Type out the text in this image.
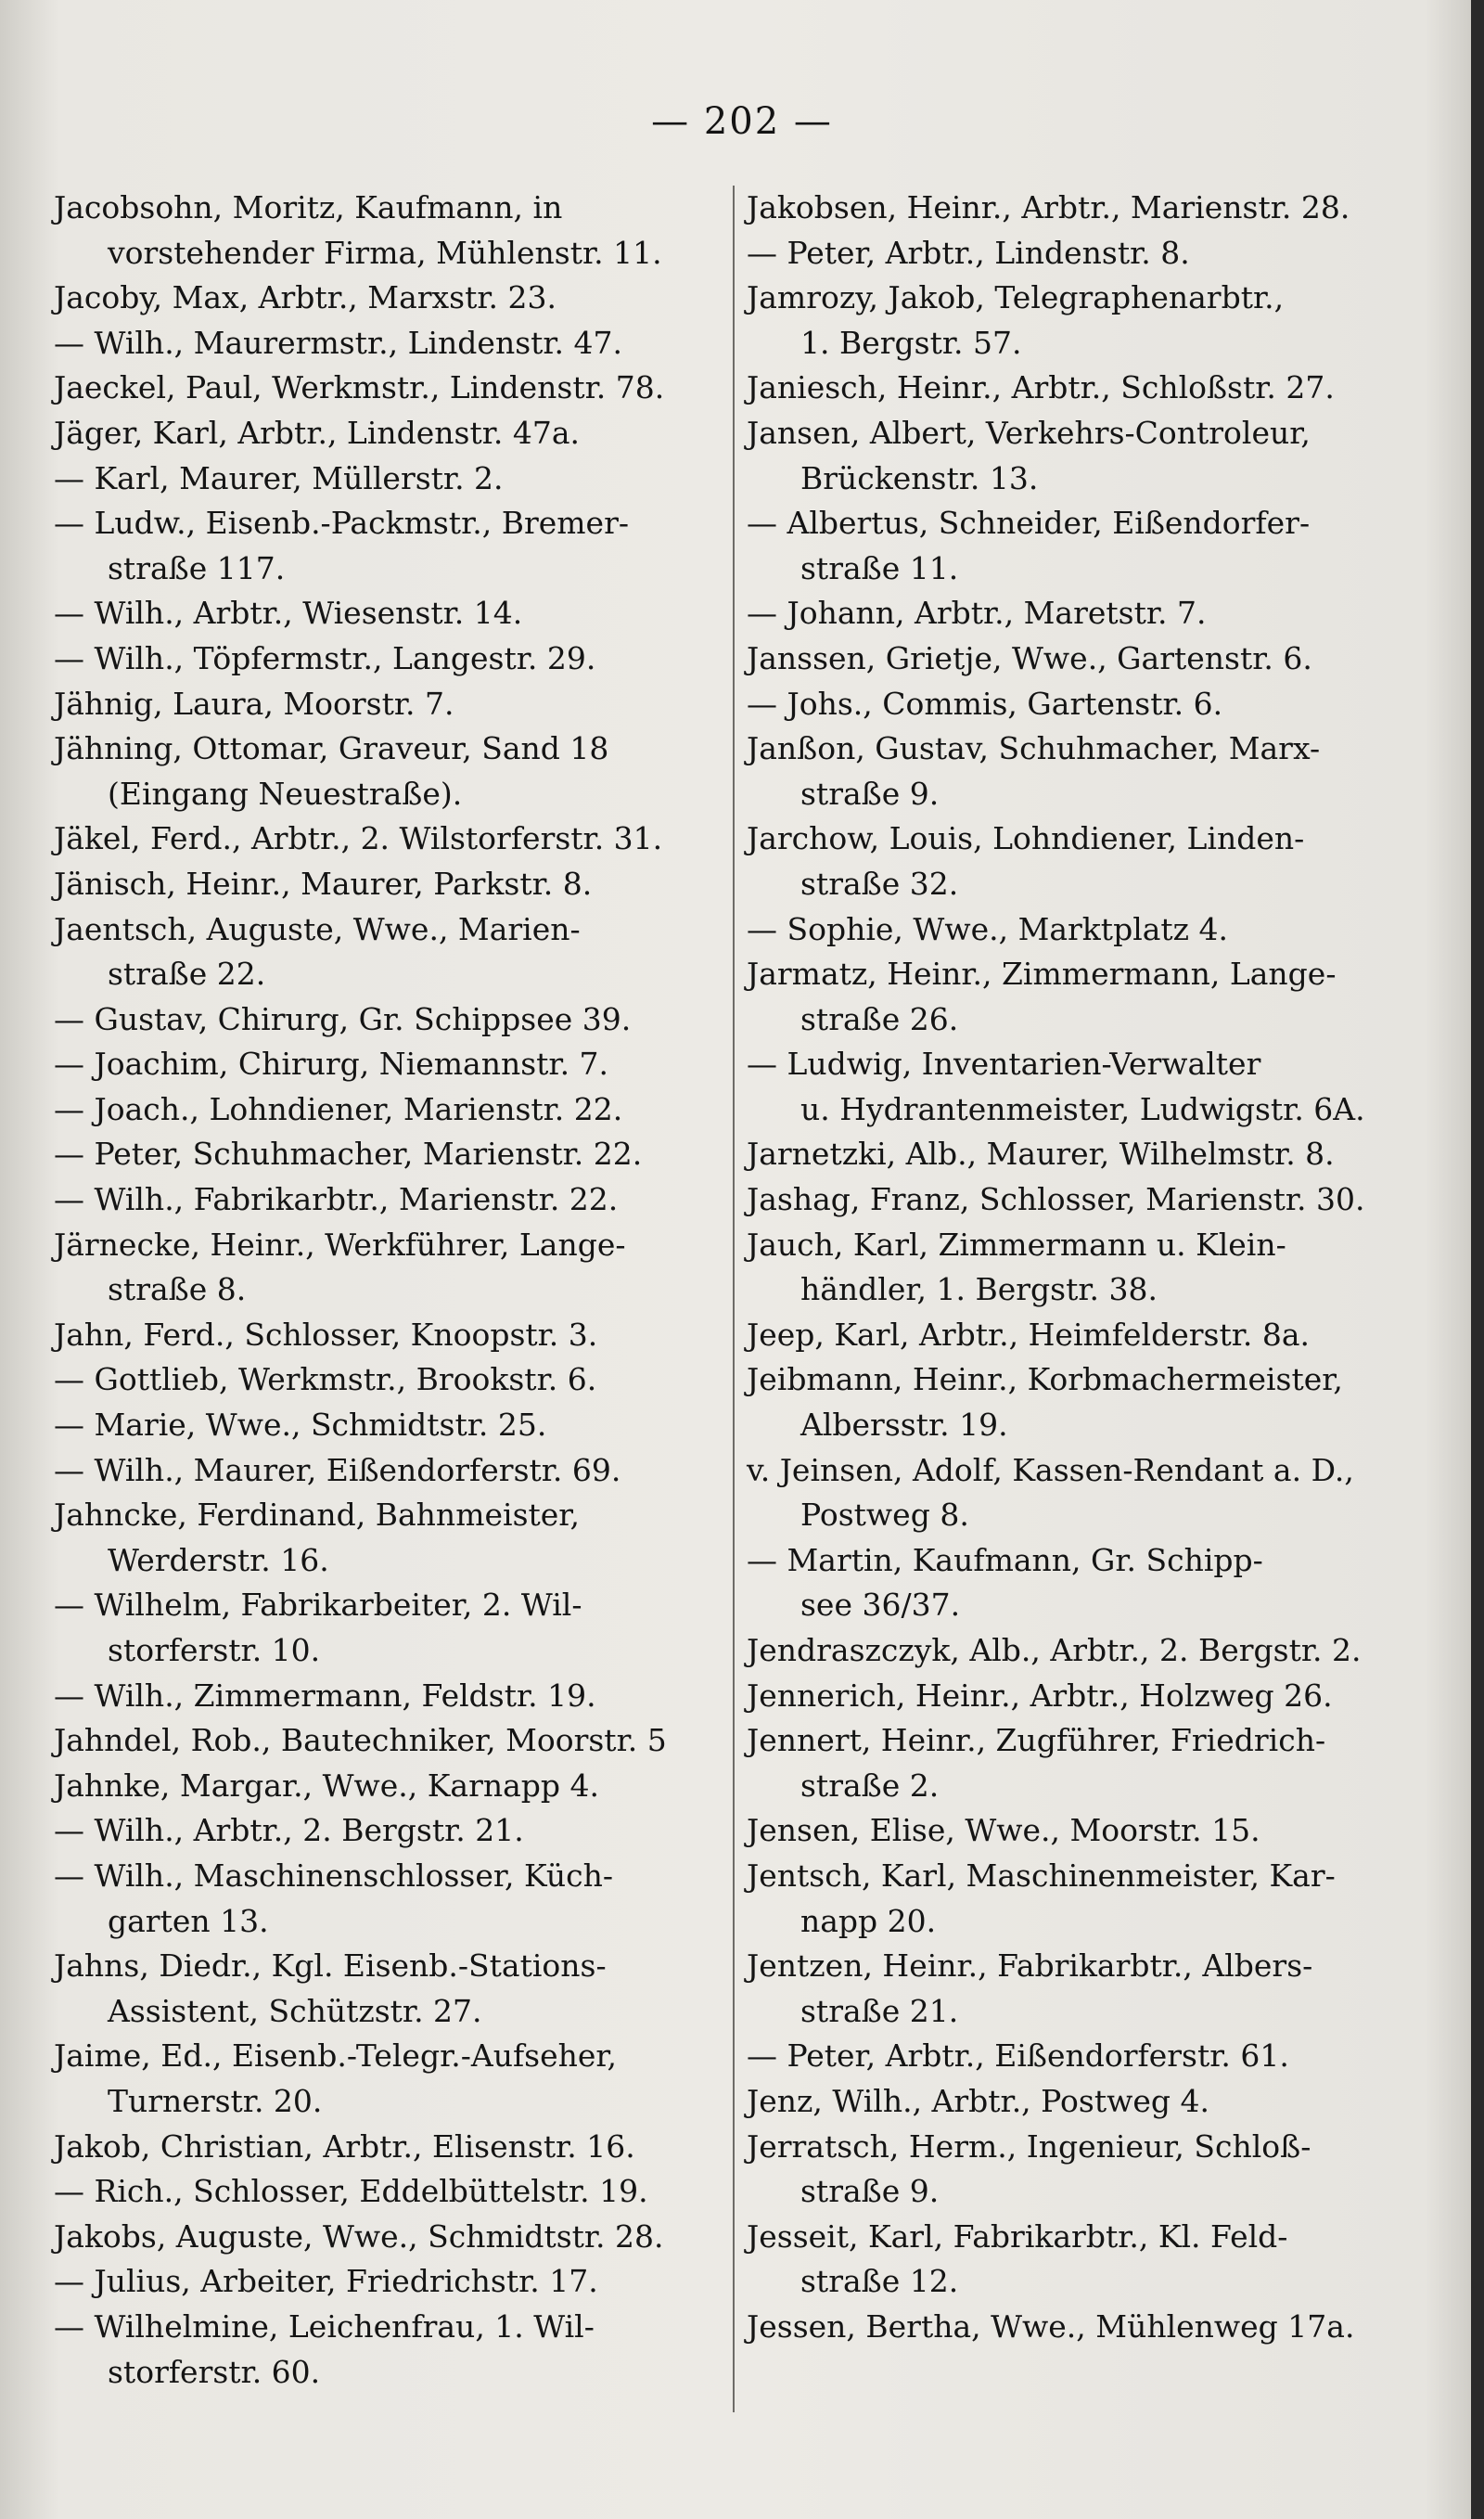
— 202 —
Jacobsohn, Moritz, Kaufmann, in
vorstehender Firma, Mühlenstr. 11.
Jacoby, Max, Arbtr., Marxstr. 23.
— Wilh., Maurermstr., Lindenstr. 47.
Jaeckel, Paul, Werkmstr., Lindenstr. 78.
Jäger, Karl, Arbtr., Lindenstr. 47a.
— Karl, Maurer, Müllerstr. 2.
— Ludw., Eisenb.-Packmstr., Bremer-
straße 117.
— Wilh., Arbtr., Wiesenstr. 14.
— Wilh., Töpfermstr., Langestr. 29.
Jähnig, Laura, Moorstr. 7.
Jähning, Ottomar, Graveur, Sand 18
(Eingang Neuestraße).
Jäkel, Ferd., Arbtr., 2. Wilstorferstr. 31.
Jänisch, Heinr., Maurer, Parkstr. 8.
Jaentsch, Auguste, Wwe., Marien-
straße 22.
— Gustav, Chirurg, Gr. Schippsee 39.
— Joachim, Chirurg, Niemannstr. 7.
— Joach., Lohndiener, Marienstr. 22.
— Peter, Schuhmacher, Marienstr. 22.
— Wilh., Fabrikarbtr., Marienstr. 22.
Järnecke, Heinr., Werkführer, Lange-
straße 8.
Jahn, Ferd., Schlosser, Knoopstr. 3.
— Gottlieb, Werkmstr., Brookstr. 6.
— Marie, Wwe., Schmidtstr. 25.
— Wilh., Maurer, Eißendorferstr. 69.
Jahncke, Ferdinand, Bahnmeister,
Werderstr. 16.
— Wilhelm, Fabrikarbeiter, 2. Wil-
storferstr. 10.
— Wilh., Zimmermann, Feldstr. 19.
Jahndel, Rob., Bautechniker, Moorstr. 5
Jahnke, Margar., Wwe., Karnapp 4.
— Wilh., Arbtr., 2. Bergstr. 21.
— Wilh., Maschinenschlosser, Küch-
garten 13.
Jahns, Diedr., Kgl. Eisenb.-Stations-
Assistent, Schützstr. 27.
Jaime, Ed., Eisenb.-Telegr.-Aufseher,
Turnerstr. 20.
Jakob, Christian, Arbtr., Elisenstr. 16.
— Rich., Schlosser, Eddelbüttelstr. 19.
Jakobs, Auguste, Wwe., Schmidtstr. 28.
— Julius, Arbeiter, Friedrichstr. 17.
— Wilhelmine, Leichenfrau, 1. Wil-
storferstr. 60.
Jakobsen, Heinr., Arbtr., Marienstr. 28.
— Peter, Arbtr., Lindenstr. 8.
Jamrozy, Jakob, Telegraphenarbtr.,
1. Bergstr. 57.
Janiesch, Heinr., Arbtr., Schloßstr. 27.
Jansen, Albert, Verkehrs-Controleur,
Brückenstr. 13.
— Albertus, Schneider, Eißendorfer-
straße 11.
— Johann, Arbtr., Maretstr. 7.
Janssen, Grietje, Wwe., Gartenstr. 6.
— Johs., Commis, Gartenstr. 6.
Janßon, Gustav, Schuhmacher, Marx-
straße 9.
Jarchow, Louis, Lohndiener, Linden-
straße 32.
— Sophie, Wwe., Marktplatz 4.
Jarmatz, Heinr., Zimmermann, Lange-
straße 26.
— Ludwig, Inventarien-Verwalter
u. Hydrantenmeister, Ludwigstr. 6A.
Jarnetzki, Alb., Maurer, Wilhelmstr. 8.
Jashag, Franz, Schlosser, Marienstr. 30.
Jauch, Karl, Zimmermann u. Klein-
händler, 1. Bergstr. 38.
Jeep, Karl, Arbtr., Heimfelderstr. 8a.
Jeibmann, Heinr., Korbmachermeister,
Albersstr. 19.
v. Jeinsen, Adolf, Kassen-Rendant a. D.,
Postweg 8.
— Martin, Kaufmann, Gr. Schipp-
see 36/37.
Jendraszczyk, Alb., Arbtr., 2. Bergstr. 2.
Jennerich, Heinr., Arbtr., Holzweg 26.
Jennert, Heinr., Zugführer, Friedrich-
straße 2.
Jensen, Elise, Wwe., Moorstr. 15.
Jentsch, Karl, Maschinenmeister, Kar-
napp 20.
Jentzen, Heinr., Fabrikarbtr., Albers-
straße 21.
— Peter, Arbtr., Eißendorferstr. 61.
Jenz, Wilh., Arbtr., Postweg 4.
Jerratsch, Herm., Ingenieur, Schloß-
straße 9.
Jesseit, Karl, Fabrikarbtr., Kl. Feld-
straße 12.
Jessen, Bertha, Wwe., Mühlenweg 17a.
